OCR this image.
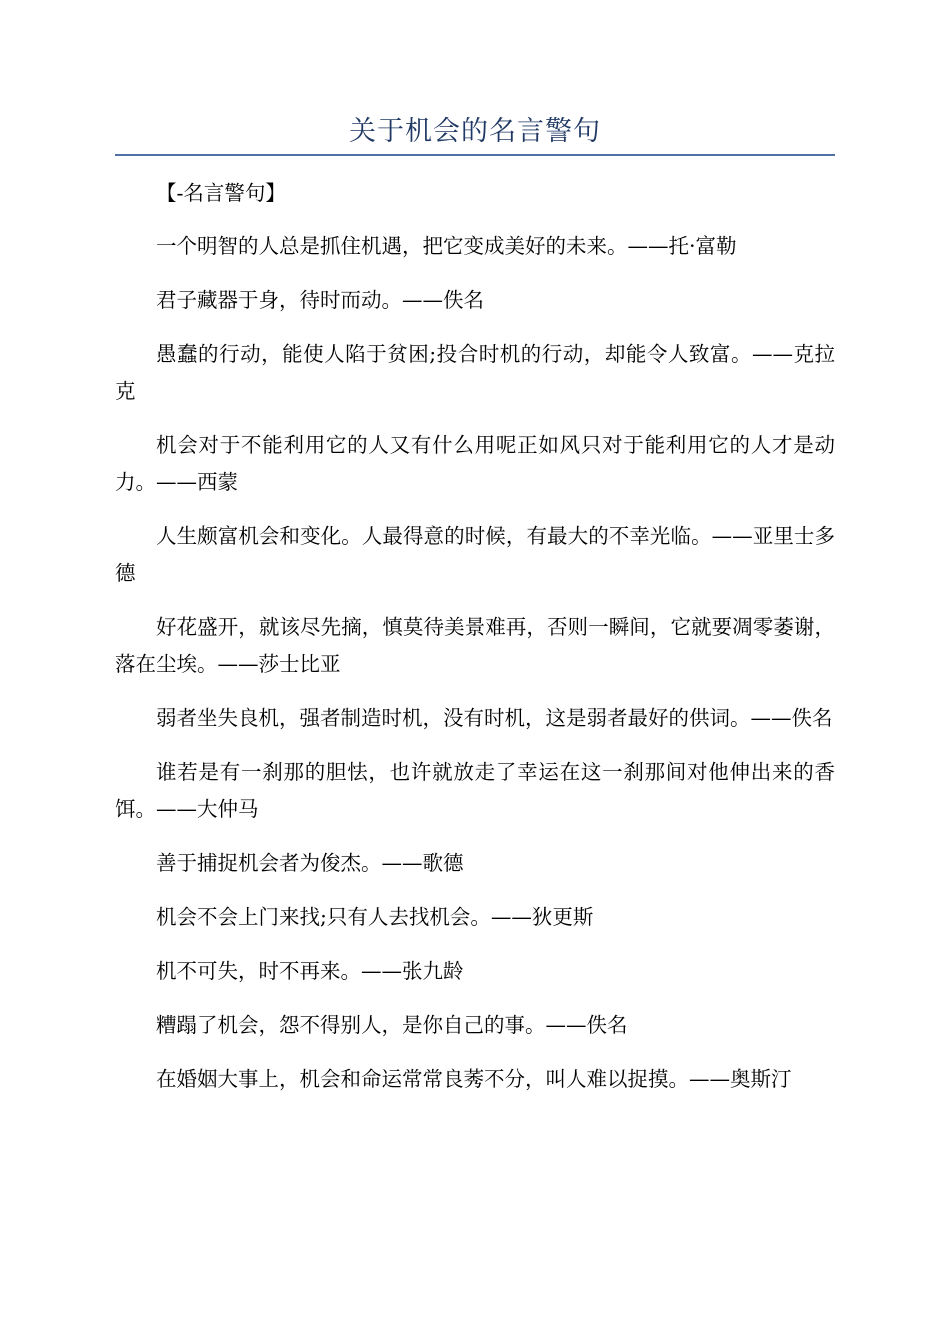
关于机会的名言警句

【-名言警句】

一个明智的人总是抓住机遇，把它变成美好的未来。——托·富勒

君子藏器于身，待时而动。——佚名

愚蠢的行动，能使人陷于贫困;投合时机的行动，却能令人致富。——克拉克

机会对于不能利用它的人又有什么用呢正如风只对于能利用它的人才是动力。——西蒙

人生颇富机会和变化。人最得意的时候，有最大的不幸光临。——亚里士多德

好花盛开，就该尽先摘，慎莫待美景难再，否则一瞬间，它就要凋零萎谢，落在尘埃。——莎士比亚

弱者坐失良机，强者制造时机，没有时机，这是弱者最好的供词。——佚名

谁若是有一刹那的胆怯，也许就放走了幸运在这一刹那间对他伸出来的香饵。——大仲马

善于捕捉机会者为俊杰。——歌德

机会不会上门来找;只有人去找机会。——狄更斯

机不可失，时不再来。——张九龄

糟蹋了机会，怨不得别人，是你自己的事。——佚名

在婚姻大事上，机会和命运常常良莠不分，叫人难以捉摸。——奥斯汀
